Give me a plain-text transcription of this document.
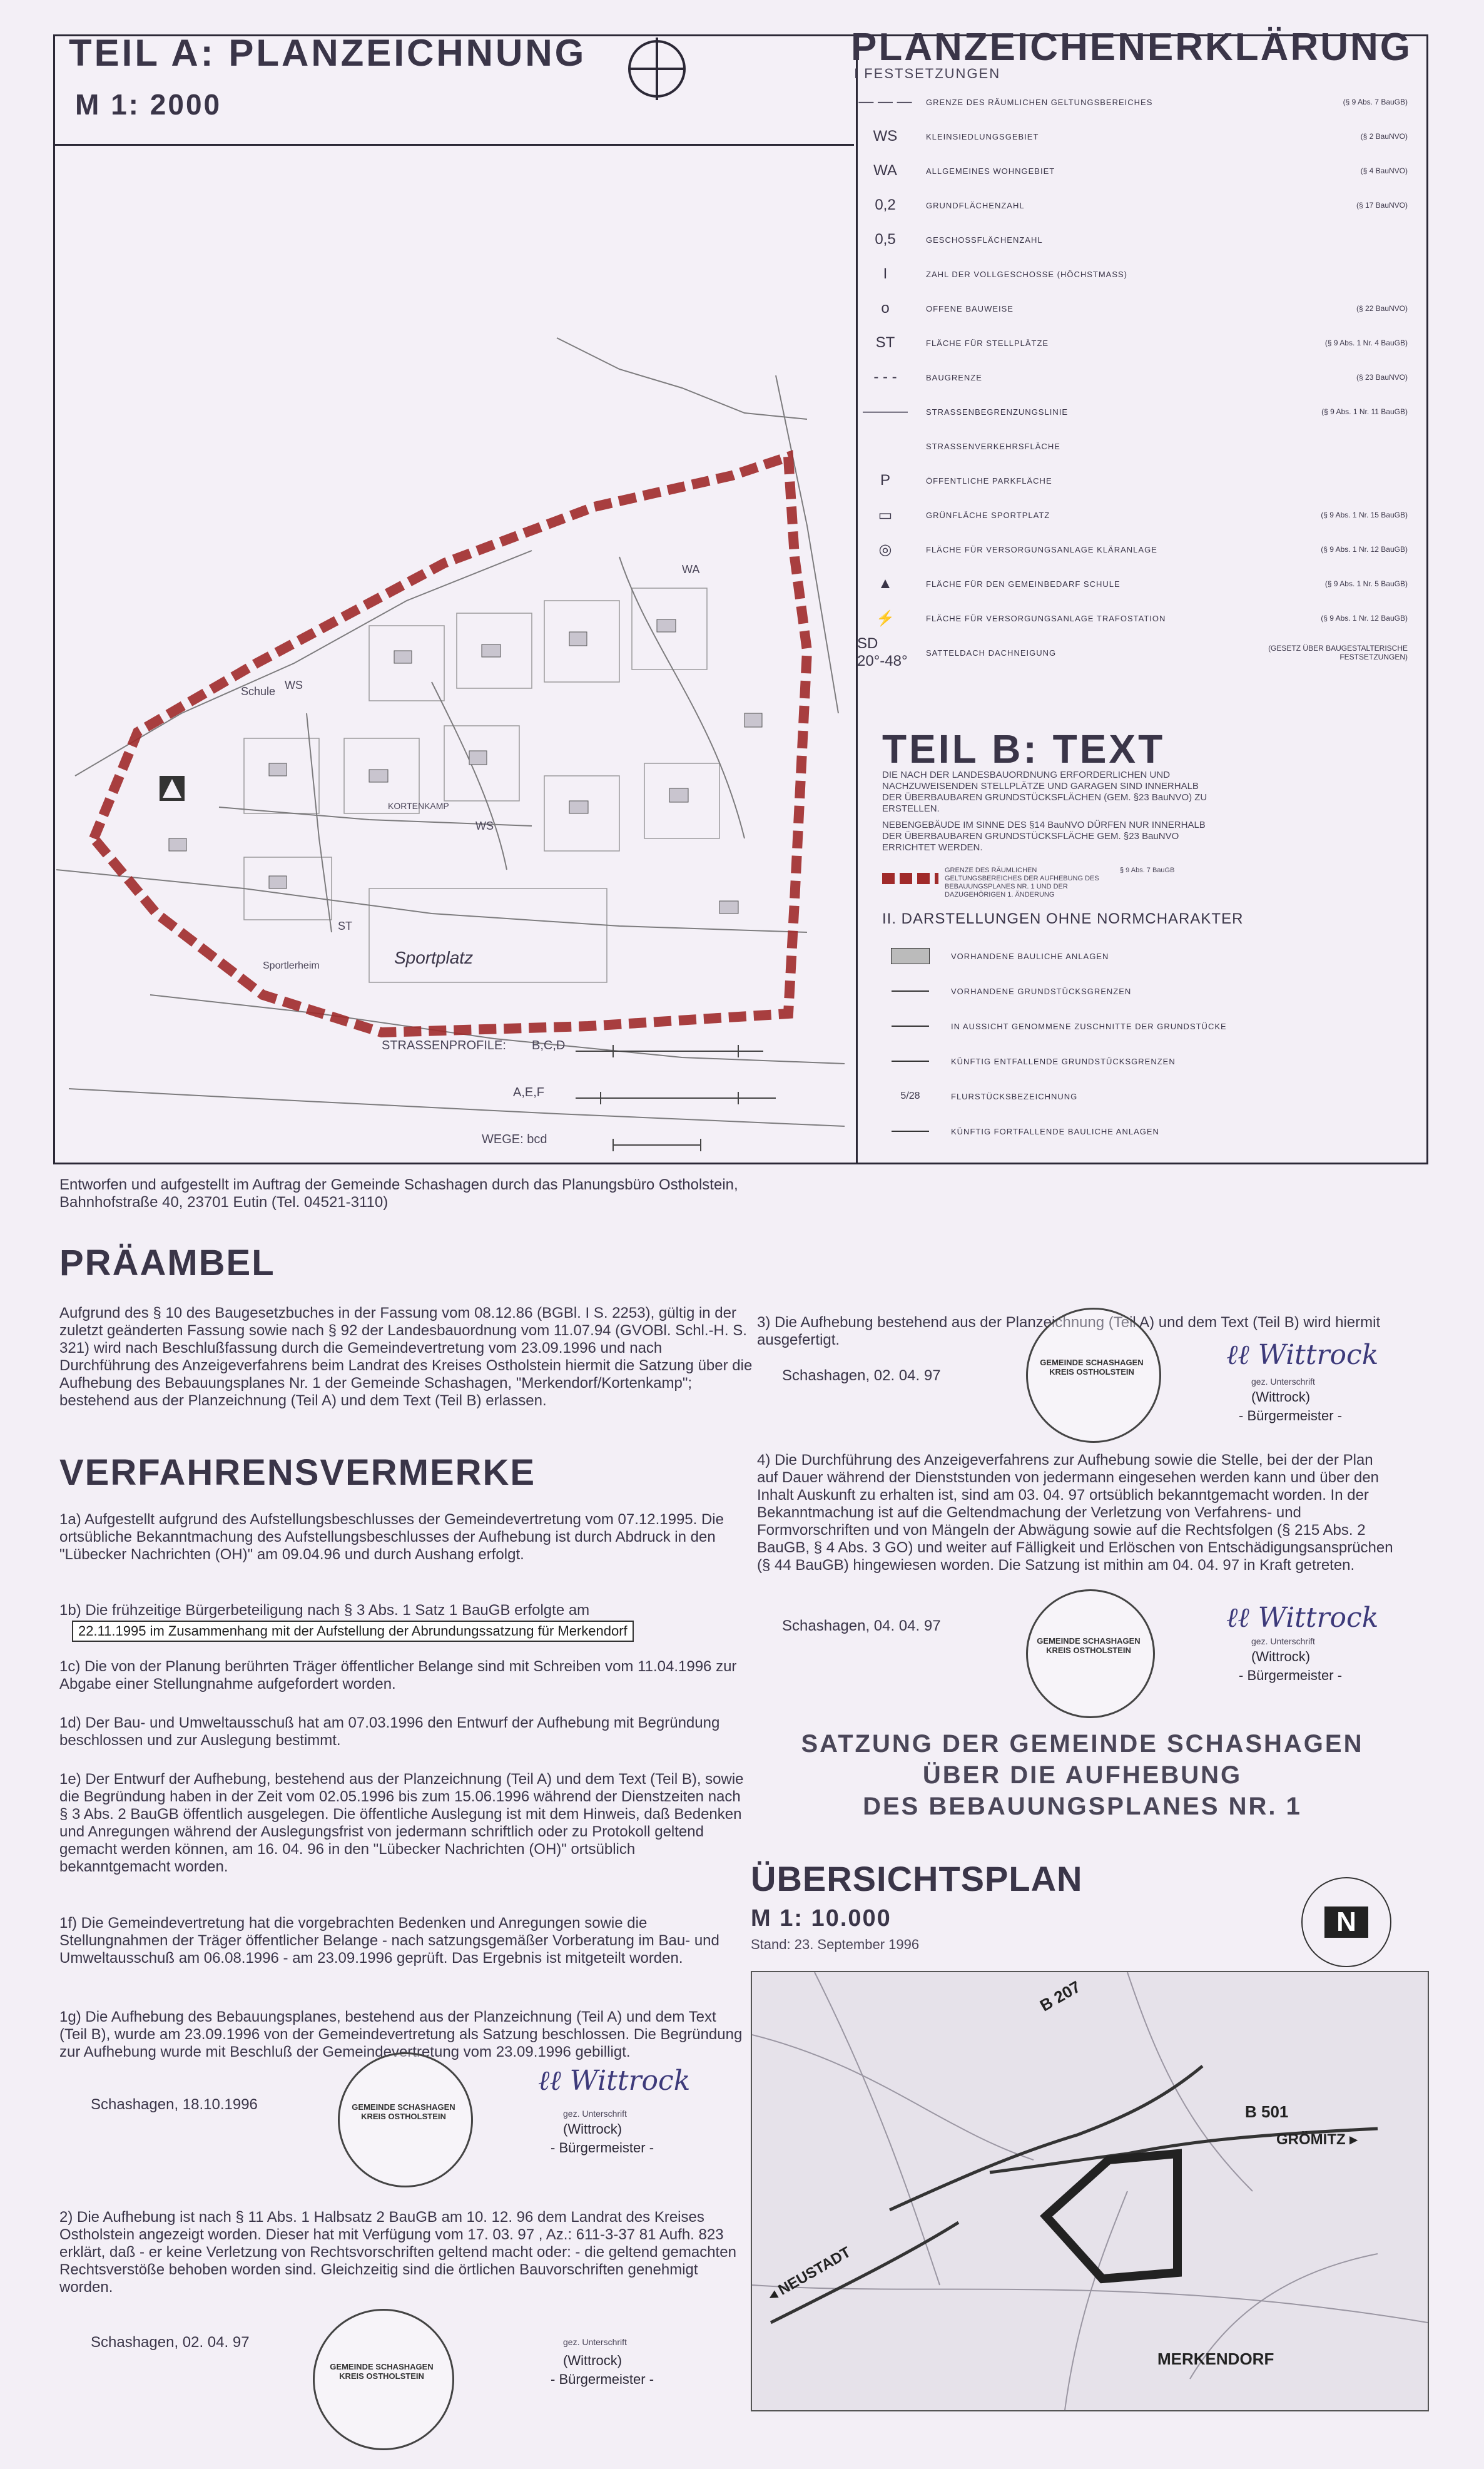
TEIL A: PLANZEICHNUNG
M 1: 2000
Schule WS
WS
WA
KORTENKAMP
ST
Sportplatz
Sportlerheim
STRASSENPROFILE: B,C,D
A,E,F
WEGE: bcd
PLANZEICHENERKLÄRUNG
I FESTSETZUNGEN
— — —	GRENZE DES RÄUMLICHEN GELTUNGSBEREICHES	(§ 9 Abs. 7 BauGB)
WS	KLEINSIEDLUNGSGEBIET	(§ 2 BauNVO)
WA	ALLGEMEINES WOHNGEBIET	(§ 4 BauNVO)
0,2	GRUNDFLÄCHENZAHL	(§ 17 BauNVO)
0,5	GESCHOSSFLÄCHENZAHL
I	ZAHL DER VOLLGESCHOSSE (HÖCHSTMASS)
o	OFFENE BAUWEISE	(§ 22 BauNVO)
ST	FLÄCHE FÜR STELLPLÄTZE	(§ 9 Abs. 1 Nr. 4 BauGB)
- - -	BAUGRENZE	(§ 23 BauNVO)
———	STRASSENBEGRENZUNGSLINIE	(§ 9 Abs. 1 Nr. 11 BauGB)
STRASSENVERKEHRSFLÄCHE
P	ÖFFENTLICHE PARKFLÄCHE
▭	GRÜNFLÄCHE SPORTPLATZ	(§ 9 Abs. 1 Nr. 15 BauGB)
◎	FLÄCHE FÜR VERSORGUNGSANLAGE KLÄRANLAGE	(§ 9 Abs. 1 Nr. 12 BauGB)
▲	FLÄCHE FÜR DEN GEMEINBEDARF SCHULE	(§ 9 Abs. 1 Nr. 5 BauGB)
⚡	FLÄCHE FÜR VERSORGUNGSANLAGE TRAFOSTATION	(§ 9 Abs. 1 Nr. 12 BauGB)
SD 20°-48°	SATTELDACH DACHNEIGUNG	(GESETZ ÜBER BAUGESTALTERISCHE FESTSETZUNGEN)
TEIL B: TEXT
DIE NACH DER LANDESBAUORDNUNG ERFORDERLICHEN UND NACHZUWEISENDEN STELLPLÄTZE UND GARAGEN SIND INNERHALB DER ÜBERBAUBAREN GRUNDSTÜCKSFLÄCHEN (GEM. §23 BauNVO) ZU ERSTELLEN.
NEBENGEBÄUDE IM SINNE DES §14 BauNVO DÜRFEN NUR INNERHALB DER ÜBERBAUBAREN GRUNDSTÜCKSFLÄCHE GEM. §23 BauNVO ERRICHTET WERDEN.
GRENZE DES RÄUMLICHEN GELTUNGSBEREICHES DER AUFHEBUNG DES BEBAUUNGSPLANES NR. 1 UND DER DAZUGEHÖRIGEN 1. ÄNDERUNG
§ 9 Abs. 7 BauGB
II. DARSTELLUNGEN OHNE NORMCHARAKTER
VORHANDENE BAULICHE ANLAGEN
VORHANDENE GRUNDSTÜCKSGRENZEN
IN AUSSICHT GENOMMENE ZUSCHNITTE DER GRUNDSTÜCKE
KÜNFTIG ENTFALLENDE GRUNDSTÜCKSGRENZEN
5/28	FLURSTÜCKSBEZEICHNUNG
KÜNFTIG FORTFALLENDE BAULICHE ANLAGEN
Entworfen und aufgestellt im Auftrag der Gemeinde Schashagen durch das Planungsbüro Ostholstein, Bahnhofstraße 40, 23701 Eutin (Tel. 04521-3110)
PRÄAMBEL
Aufgrund des § 10 des Baugesetzbuches in der Fassung vom 08.12.86 (BGBl. I S. 2253), gültig in der zuletzt geänderten Fassung sowie nach § 92 der Landesbauordnung vom 11.07.94 (GVOBl. Schl.-H. S. 321) wird nach Beschlußfassung durch die Gemeindevertretung vom 23.09.1996 und nach Durchführung des Anzeigeverfahrens beim Landrat des Kreises Ostholstein hiermit die Satzung über die Aufhebung des Bebauungsplanes Nr. 1 der Gemeinde Schashagen, "Merkendorf/Kortenkamp"; bestehend aus der Planzeichnung (Teil A) und dem Text (Teil B) erlassen.
VERFAHRENSVERMERKE
1a) Aufgestellt aufgrund des Aufstellungsbeschlusses der Gemeindevertretung vom 07.12.1995. Die ortsübliche Bekanntmachung des Aufstellungsbeschlusses der Aufhebung ist durch Abdruck in den "Lübecker Nachrichten (OH)" am 09.04.96 und durch Aushang erfolgt.
1b) Die frühzeitige Bürgerbeteiligung nach § 3 Abs. 1 Satz 1 BauGB erfolgte am
22.11.1995 im Zusammenhang mit der Aufstellung der Abrundungssatzung für Merkendorf
1c) Die von der Planung berührten Träger öffentlicher Belange sind mit Schreiben vom 11.04.1996 zur Abgabe einer Stellungnahme aufgefordert worden.
1d) Der Bau- und Umweltausschuß hat am 07.03.1996 den Entwurf der Aufhebung mit Begründung beschlossen und zur Auslegung bestimmt.
1e) Der Entwurf der Aufhebung, bestehend aus der Planzeichnung (Teil A) und dem Text (Teil B), sowie die Begründung haben in der Zeit vom 02.05.1996 bis zum 15.06.1996 während der Dienstzeiten nach § 3 Abs. 2 BauGB öffentlich ausgelegen. Die öffentliche Auslegung ist mit dem Hinweis, daß Bedenken und Anregungen während der Auslegungsfrist von jedermann schriftlich oder zu Protokoll geltend gemacht werden können, am 16. 04. 96 in den "Lübecker Nachrichten (OH)" ortsüblich bekanntgemacht worden.
1f) Die Gemeindevertretung hat die vorgebrachten Bedenken und Anregungen sowie die Stellungnahmen der Träger öffentlicher Belange - nach satzungsgemäßer Vorberatung im Bau- und Umweltausschuß am 06.08.1996 - am 23.09.1996 geprüft. Das Ergebnis ist mitgeteilt worden.
1g) Die Aufhebung des Bebauungsplanes, bestehend aus der Planzeichnung (Teil A) und dem Text (Teil B), wurde am 23.09.1996 von der Gemeindevertretung als Satzung beschlossen. Die Begründung zur Aufhebung wurde mit Beschluß der Gemeindevertretung vom 23.09.1996 gebilligt.
Schashagen, 18.10.1996	GEMEINDE SCHASHAGEN KREIS OSTHOLSTEIN
ℓℓ Wittrock
gez. Unterschrift
(Wittrock)
- Bürgermeister -
2) Die Aufhebung ist nach § 11 Abs. 1 Halbsatz 2 BauGB am 10. 12. 96 dem Landrat des Kreises Ostholstein angezeigt worden. Dieser hat mit Verfügung vom 17. 03. 97 , Az.: 611-3-37 81 Aufh. 823 erklärt, daß - er keine Verletzung von Rechtsvorschriften geltend macht oder: - die geltend gemachten Rechtsverstöße behoben worden sind. Gleichzeitig sind die örtlichen Bauvorschriften genehmigt worden.
Schashagen, 02. 04. 97
GEMEINDE SCHASHAGEN KREIS OSTHOLSTEIN
gez. Unterschrift
(Wittrock)
- Bürgermeister -
3) Die Aufhebung bestehend aus der Planzeichnung (Teil A) und dem Text (Teil B) wird hiermit ausgefertigt.
Schashagen, 02. 04. 97
GEMEINDE SCHASHAGEN KREIS OSTHOLSTEIN
ℓℓ Wittrock
gez. Unterschrift
(Wittrock)
- Bürgermeister -
4) Die Durchführung des Anzeigeverfahrens zur Aufhebung sowie die Stelle, bei der der Plan auf Dauer während der Dienststunden von jedermann eingesehen werden kann und über den Inhalt Auskunft zu erhalten ist, sind am 03. 04. 97 ortsüblich bekanntgemacht worden. In der Bekanntmachung ist auf die Geltendmachung der Verletzung von Verfahrens- und Formvorschriften und von Mängeln der Abwägung sowie auf die Rechtsfolgen (§ 215 Abs. 2 BauGB, § 4 Abs. 3 GO) und weiter auf Fälligkeit und Erlöschen von Entschädigungsansprüchen (§ 44 BauGB) hingewiesen worden. Die Satzung ist mithin am 04. 04. 97 in Kraft getreten.
Schashagen, 04. 04. 97
GEMEINDE SCHASHAGEN KREIS OSTHOLSTEIN
ℓℓ Wittrock
gez. Unterschrift
(Wittrock)
- Bürgermeister -
SATZUNG DER GEMEINDE SCHASHAGEN
ÜBER DIE AUFHEBUNG
DES BEBAUUNGSPLANES NR. 1
ÜBERSICHTSPLAN
M 1: 10.000
Stand: 23. September 1996
N
B 207
B 501
GRÖMITZ ▸
◂ NEUSTADT
MERKENDORF
